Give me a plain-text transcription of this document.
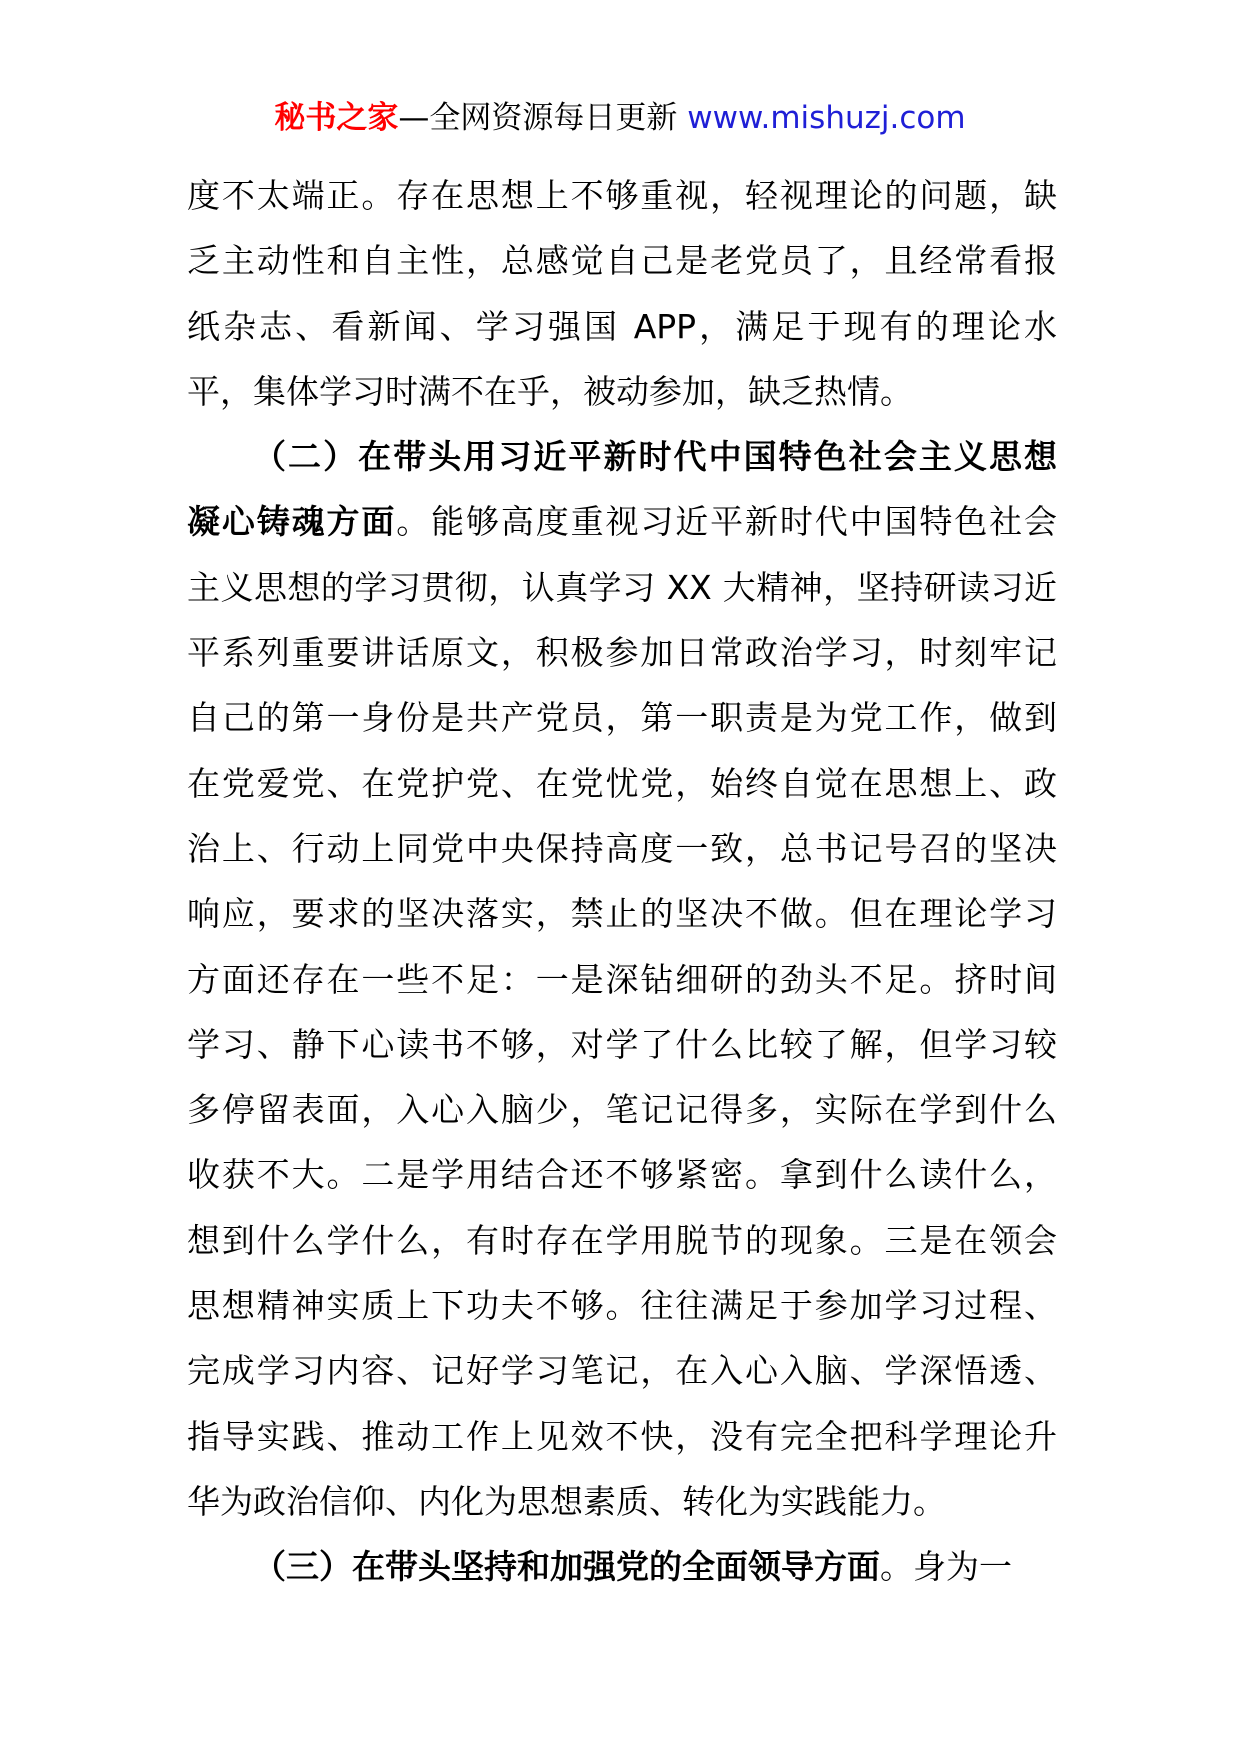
秘书之家—全网资源每日更新 www.mishuzj.com
度不太端正。存在思想上不够重视，轻视理论的问题，缺
乏主动性和自主性，总感觉自己是老党员了，且经常看报
纸杂志、看新闻、学习强国 APP，满足于现有的理论水
平，集体学习时满不在乎，被动参加，缺乏热情。
（二）在带头用习近平新时代中国特色社会主义思想
凝心铸魂方面。能够高度重视习近平新时代中国特色社会
主义思想的学习贯彻，认真学习 XX 大精神，坚持研读习近
平系列重要讲话原文，积极参加日常政治学习，时刻牢记
自己的第一身份是共产党员，第一职责是为党工作，做到
在党爱党、在党护党、在党忧党，始终自觉在思想上、政
治上、行动上同党中央保持高度一致，总书记号召的坚决
响应，要求的坚决落实，禁止的坚决不做。但在理论学习
方面还存在一些不足：一是深钻细研的劲头不足。挤时间
学习、静下心读书不够，对学了什么比较了解，但学习较
多停留表面，入心入脑少，笔记记得多，实际在学到什么
收获不大。二是学用结合还不够紧密。拿到什么读什么，
想到什么学什么，有时存在学用脱节的现象。三是在领会
思想精神实质上下功夫不够。往往满足于参加学习过程、
完成学习内容、记好学习笔记，在入心入脑、学深悟透、
指导实践、推动工作上见效不快，没有完全把科学理论升
华为政治信仰、内化为思想素质、转化为实践能力。
（三）在带头坚持和加强党的全面领导方面。身为一
